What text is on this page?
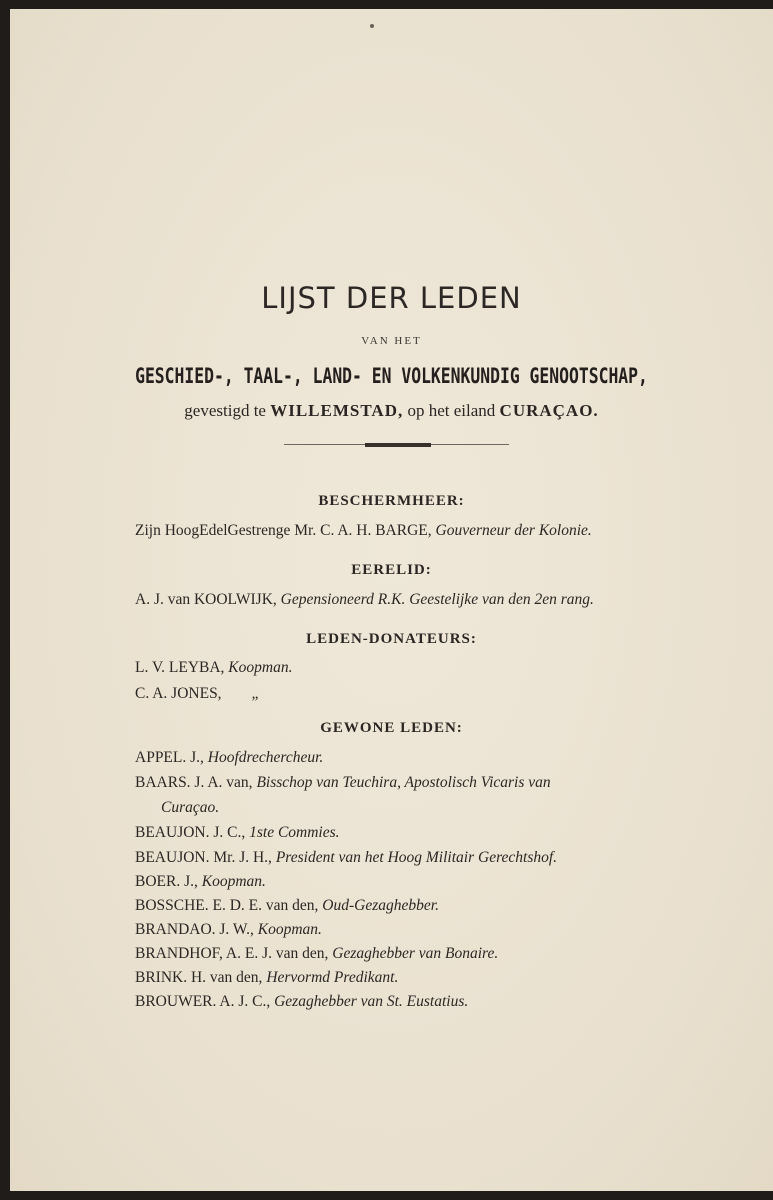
LIJST DER LEDEN
VAN HET
GESCHIED-, TAAL-, LAND- EN VOLKENKUNDIG GENOOTSCHAP,
gevestigd te WILLEMSTAD, op het eiland CURAÇAO.
BESCHERMHEER:
Zijn HoogEdelGestrenge Mr. C. A. H. BARGE, Gouverneur der Kolonie.
EERELID:
A. J. van KOOLWIJK, Gepensioneerd R.K. Geestelijke van den 2en rang.
LEDEN-DONATEURS:
L. V. LEYBA, Koopman.
C. A. JONES, „
GEWONE LEDEN:
APPEL. J., Hoofdrechercheur.
BAARS. J. A. van, Bisschop van Teuchira, Apostolisch Vicaris van
Curaçao.
BEAUJON. J. C., 1ste Commies.
BEAUJON. Mr. J. H., President van het Hoog Militair Gerechtshof.
BOER. J., Koopman.
BOSSCHE. E. D. E. van den, Oud-Gezaghebber.
BRANDAO. J. W., Koopman.
BRANDHOF, A. E. J. van den, Gezaghebber van Bonaire.
BRINK. H. van den, Hervormd Predikant.
BROUWER. A. J. C., Gezaghebber van St. Eustatius.
